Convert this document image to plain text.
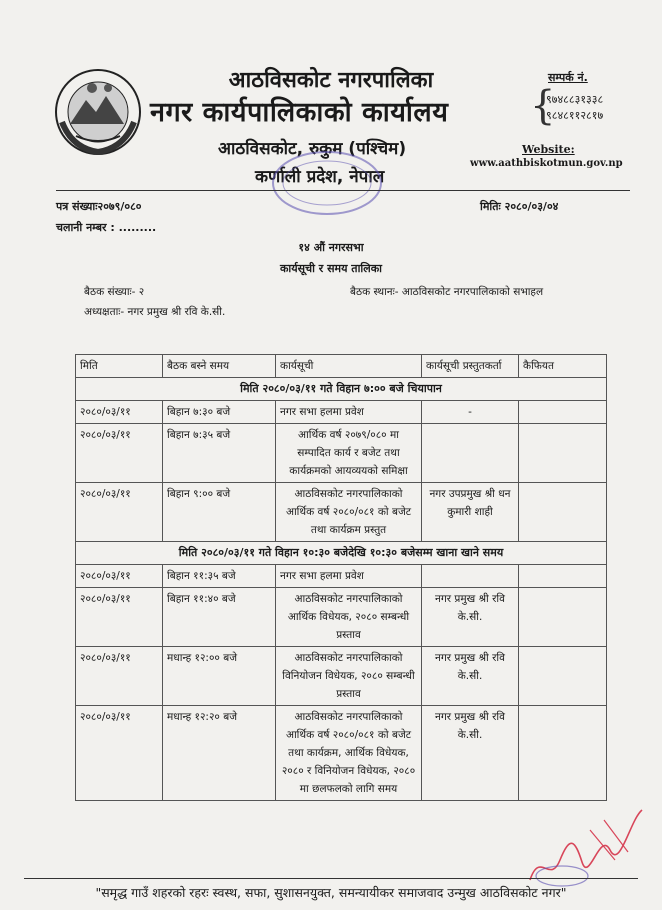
आठविसकोट नगरपालिका
नगर कार्यपालिकाको कार्यालय
आठविसकोट, रुकुम (पश्चिम)
कर्णाली प्रदेश, नेपाल
सम्पर्क नं.
{
९७४८८३१३३८
९८४८११२८१७
Website:
www.aathbiskotmun.gov.np
पत्र संख्याः२०७९/०८०
चलानी नम्बर : .........
मितिः २०८०/०३/०४
१४ औं नगरसभा
कार्यसूची र समय तालिका
बैठक संख्याः- २	बैठक स्थानः- आठविसकोट नगरपालिकाको सभाहल
अध्यक्षताः- नगर प्रमुख श्री रवि के.सी.
मिति	बैठक बस्ने समय	कार्यसूची	कार्यसूची प्रस्तुतकर्ता	कैफियत
मिति २०८०/०३/११ गते विहान ७:०० बजे चियापान				
२०८०/०३/११	बिहान ७:३० बजे	नगर सभा हलमा प्रवेश	-	
२०८०/०३/११	बिहान ७:३५ बजे	आर्थिक वर्ष २०७९/०८० मा सम्पादित कार्य र बजेट तथा कार्यक्रमको आयव्ययको समिक्षा		
२०८०/०३/११	बिहान ९:०० बजे	आठविसकोट नगरपालिकाको आर्थिक वर्ष २०८०/०८१ को बजेट तथा कार्यक्रम प्रस्तुत	नगर उपप्रमुख श्री धन कुमारी शाही	
मिति २०८०/०३/११ गते विहान १०:३० बजेदेखि १०:३० बजेसम्म खाना खाने समय				
२०८०/०३/११	बिहान ११:३५ बजे	नगर सभा हलमा प्रवेश		
२०८०/०३/११	बिहान ११:४० बजे	आठविसकोट नगरपालिकाको आर्थिक विधेयक, २०८० सम्बन्धी प्रस्ताव	नगर प्रमुख श्री रवि के.सी.	
२०८०/०३/११	मधान्ह १२:०० बजे	आठविसकोट नगरपालिकाको विनियोजन विधेयक, २०८० सम्बन्धी प्रस्ताव	नगर प्रमुख श्री रवि के.सी.	
२०८०/०३/११	मधान्ह १२:२० बजे	आठविसकोट नगरपालिकाको आर्थिक वर्ष २०८०/०८१ को बजेट तथा कार्यक्रम, आर्थिक विधेयक, २०८० र विनियोजन विधेयक, २०८० मा छलफलको लागि समय	नगर प्रमुख श्री रवि के.सी.	
"समृद्ध गाउँ शहरको रहरः स्वस्थ, सफा, सुशासनयुक्त, समन्यायीकर समाजवाद उन्मुख आठविसकोट नगर"
